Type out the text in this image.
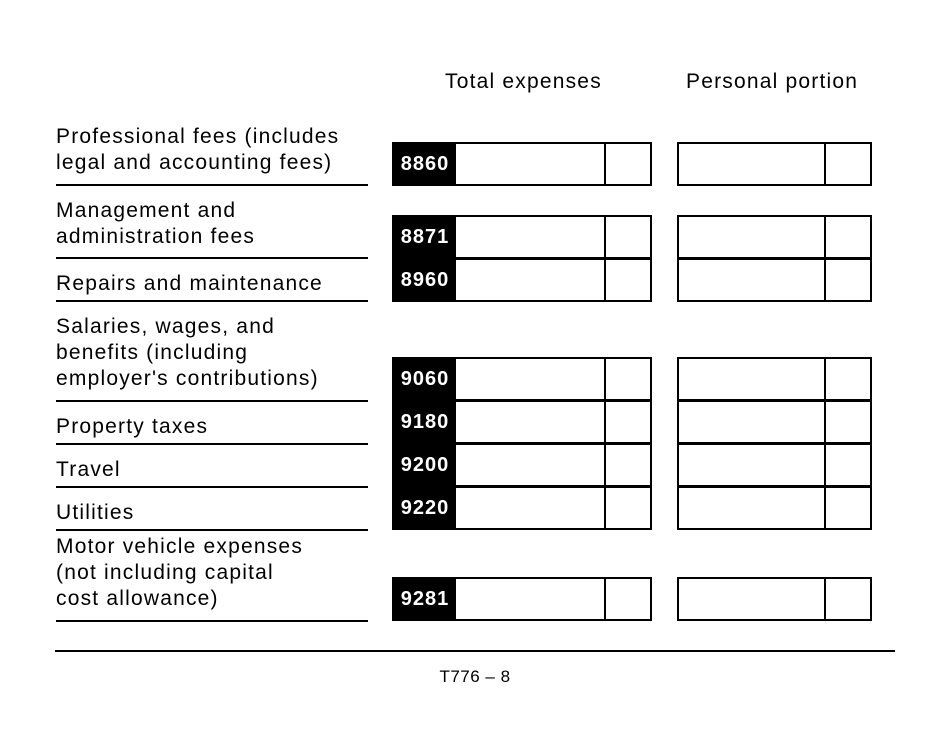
Total expenses	Personal portion
Professional fees (includes
legal and accounting fees)	8860
Management and
administration fees	8871
Repairs and maintenance	8960
Salaries, wages, and
benefits (including
employer's contributions)	9060
Property taxes	9180
Travel	9200
Utilities	9220
Motor vehicle expenses
(not including capital
cost allowance)	9281
T776 – 8
